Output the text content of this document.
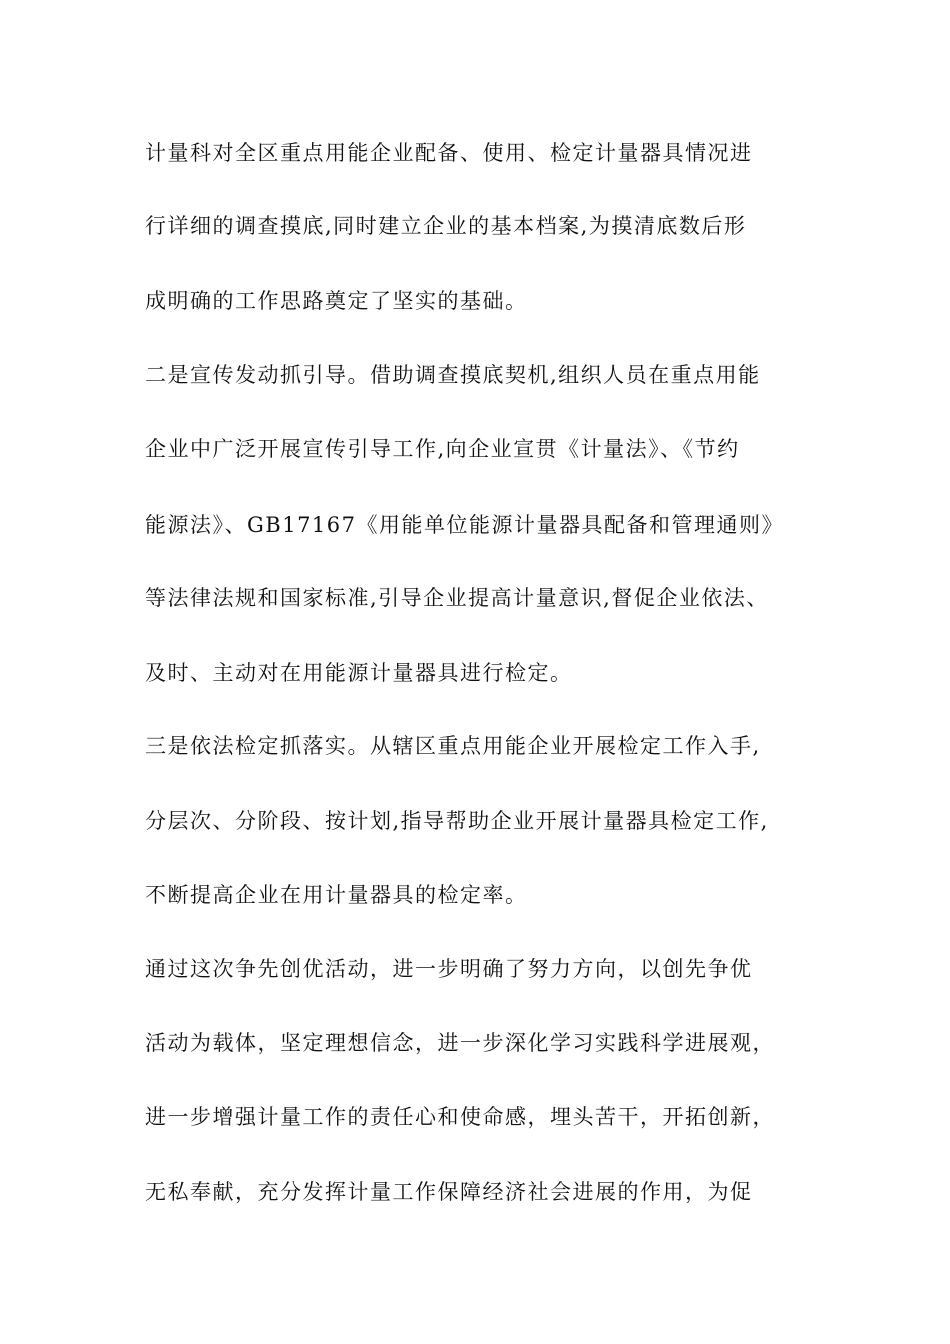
计量科对全区重点用能企业配备、使用、检定计量器具情况进
行详细的调查摸底,同时建立企业的基本档案,为摸清底数后形
成明确的工作思路奠定了坚实的基础。
二是宣传发动抓引导。借助调查摸底契机,组织人员在重点用能
企业中广泛开展宣传引导工作,向企业宣贯《计量法》、《节约
能源法》、GB17167《用能单位能源计量器具配备和管理通则》
等法律法规和国家标准,引导企业提高计量意识,督促企业依法、
及时、主动对在用能源计量器具进行检定。
三是依法检定抓落实。从辖区重点用能企业开展检定工作入手,
分层次、分阶段、按计划,指导帮助企业开展计量器具检定工作,
不断提高企业在用计量器具的检定率。
通过这次争先创优活动，进一步明确了努力方向，以创先争优
活动为载体，坚定理想信念，进一步深化学习实践科学进展观，
进一步增强计量工作的责任心和使命感，埋头苦干，开拓创新，
无私奉献，充分发挥计量工作保障经济社会进展的作用，为促
